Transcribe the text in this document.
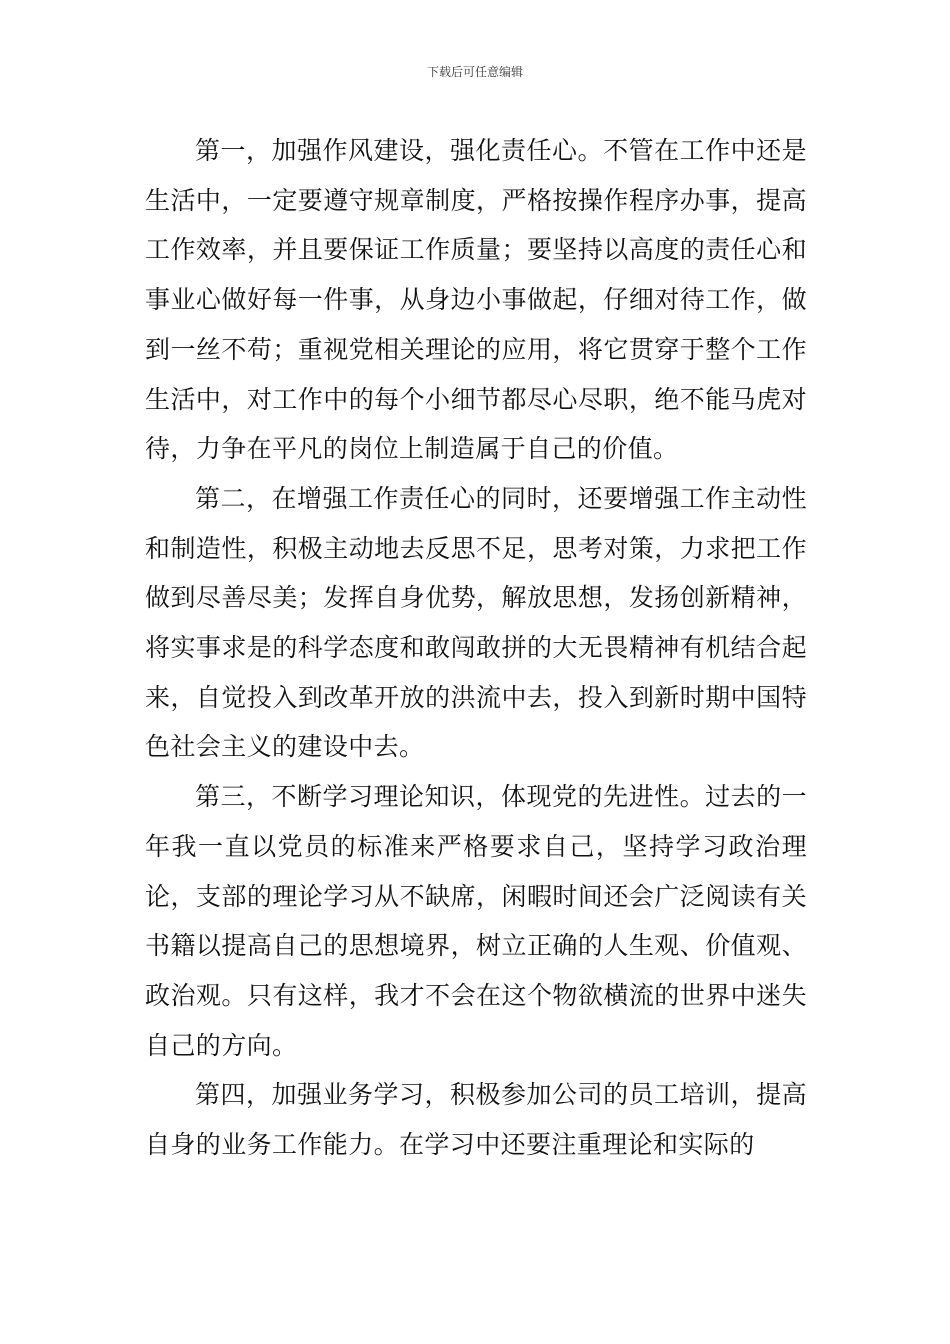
下载后可任意编辑

第一，加强作风建设，强化责任心。不管在工作中还是生活中，一定要遵守规章制度，严格按操作程序办事，提高工作效率，并且要保证工作质量；要坚持以高度的责任心和事业心做好每一件事，从身边小事做起，仔细对待工作，做到一丝不苟；重视党相关理论的应用，将它贯穿于整个工作生活中，对工作中的每个小细节都尽心尽职，绝不能马虎对待，力争在平凡的岗位上制造属于自己的价值。

第二，在增强工作责任心的同时，还要增强工作主动性和制造性，积极主动地去反思不足，思考对策，力求把工作做到尽善尽美；发挥自身优势，解放思想，发扬创新精神，将实事求是的科学态度和敢闯敢拼的大无畏精神有机结合起来，自觉投入到改革开放的洪流中去，投入到新时期中国特色社会主义的建设中去。

第三，不断学习理论知识，体现党的先进性。过去的一年我一直以党员的标准来严格要求自己，坚持学习政治理论，支部的理论学习从不缺席，闲暇时间还会广泛阅读有关书籍以提高自己的思想境界，树立正确的人生观、价值观、政治观。只有这样，我才不会在这个物欲横流的世界中迷失自己的方向。

第四，加强业务学习，积极参加公司的员工培训，提高自身的业务工作能力。在学习中还要注重理论和实际的
